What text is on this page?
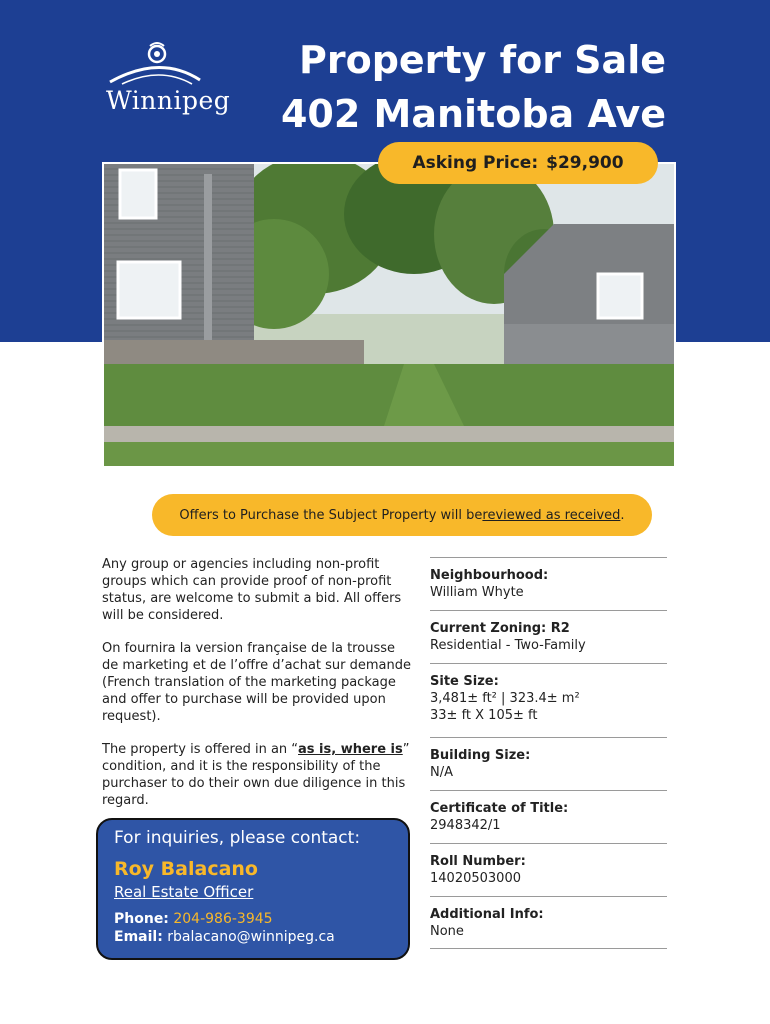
Winnipeg
Property for Sale
402 Manitoba Ave
Asking Price: $29,900
Offers to Purchase the Subject Property will be reviewed as received .

Any group or agencies including non-profit groups which can provide proof of non-profit status, are welcome to submit a bid. All offers will be considered.

On fournira la version française de la trousse de marketing et de l’offre d’achat sur demande (French translation of the marketing package and offer to purchase will be provided upon request).

The property is offered in an “as is, where is” condition, and it is the responsibility of the purchaser to do their own due diligence in this regard.

For inquiries, please contact:
Roy Balacano
Real Estate Officer
Phone: 204-986-3945
Email: rbalacano@winnipeg.ca
Neighbourhood:
William Whyte
Current Zoning: R2
Residential - Two-Family
Site Size:
3,481± ft² | 323.4± m²
33± ft X 105± ft
Building Size:
N/A
Certificate of Title:
2948342/1
Roll Number:
14020503000
Additional Info:
None
